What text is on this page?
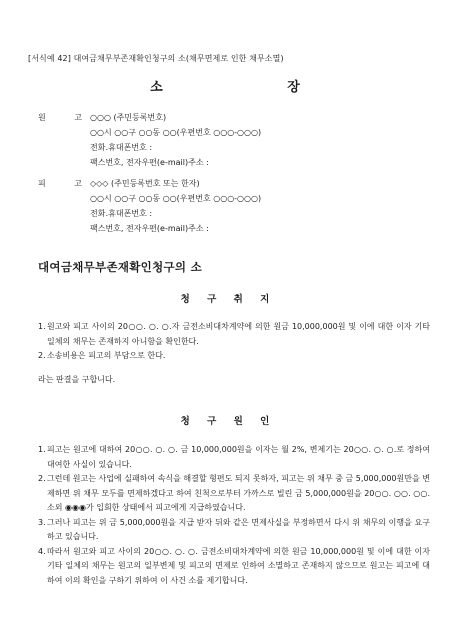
[서식예 42] 대여금채무부존재확인청구의 소(채무면제로 인한 채무소멸)
소 장
원 고
○○○ (주민등록번호)
○○시 ○○구 ○○동 ○○(우편번호 ○○○-○○○)
전화․휴대폰번호 :
팩스번호, 전자우편(e-mail)주소 :
피 고
◇◇◇ (주민등록번호 또는 한자)
○○시 ○○구 ○○동 ○○(우편번호 ○○○-○○○)
전화․휴대폰번호 :
팩스번호, 전자우편(e-mail)주소 :
대여금채무부존재확인청구의 소
청 구 취 지
1. 원고와 피고 사이의 20○○. ○. ○.자 금전소비대차계약에 의한 원금 10,000,000원 및 이에 대한 이자 기타 일체의 채무는 존재하지 아니함을 확인한다.
2. 소송비용은 피고의 부담으로 한다.
라는 판결을 구합니다.
청 구 원 인
1. 피고는 원고에 대하여 20○○. ○. ○. 금 10,000,000원을 이자는 월 2%, 변제기는 20○○. ○. ○.로 정하여 대여한 사실이 있습니다.
2. 그런데 원고는 사업에 실패하여 속식을 해결할 형편도 되지 못하자, 피고는 위 채무 중 금 5,000,000원만을 변제하면 위 채무 모두를 면제하겠다고 하여 친척으로부터 가까스로 빌린 금 5,000,000원을 20○○. ○○. ○○. 소외 ◉◉◉가 입회한 상태에서 피고에게 지급하였습니다.
3. 그러나 피고는 위 금 5,000,000원을 지급 받자 뒤와 같은 면제사실을 부정하면서 다시 위 채무의 이행을 요구하고 있습니다.
4. 따라서 원고와 피고 사이의 20○○. ○. ○. 금전소비대차계약에 의한 원금 10,000,000원 및 이에 대한 이자 기타 일체의 채무는 원고의 일부변제 및 피고의 면제로 인하여 소멸하고 존재하지 않으므로 원고는 피고에 대하여 이의 확인을 구하기 위하여 이 사건 소를 제기합니다.
